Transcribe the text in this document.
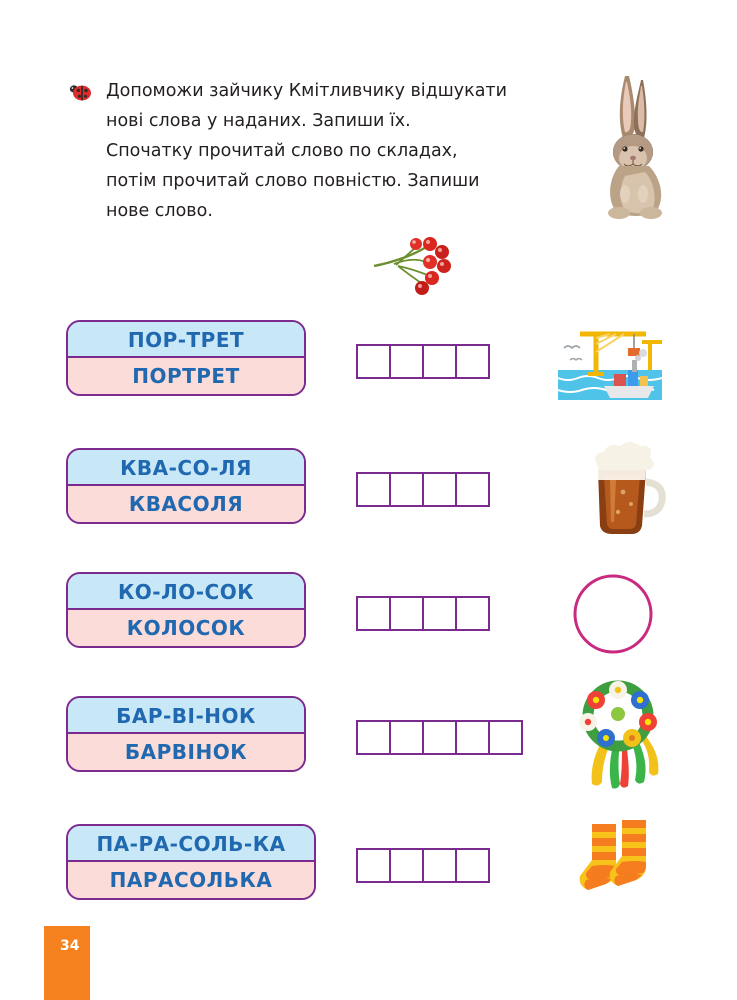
Допоможи зайчику Кмітливчику відшукати
нові слова у наданих. Запиши їх.
Спочатку прочитай слово по складах,
потім прочитай слово повністю. Запиши
нове слово.
ПОР-ТРЕТ
ПОРТРЕТ
КВА-СО-ЛЯ
КВАСОЛЯ
КО-ЛО-СОК
КОЛОСОК
БАР-ВІ-НОК
БАРВІНОК
ПА-РА-СОЛЬ-КА
ПАРАСОЛЬКА
34
